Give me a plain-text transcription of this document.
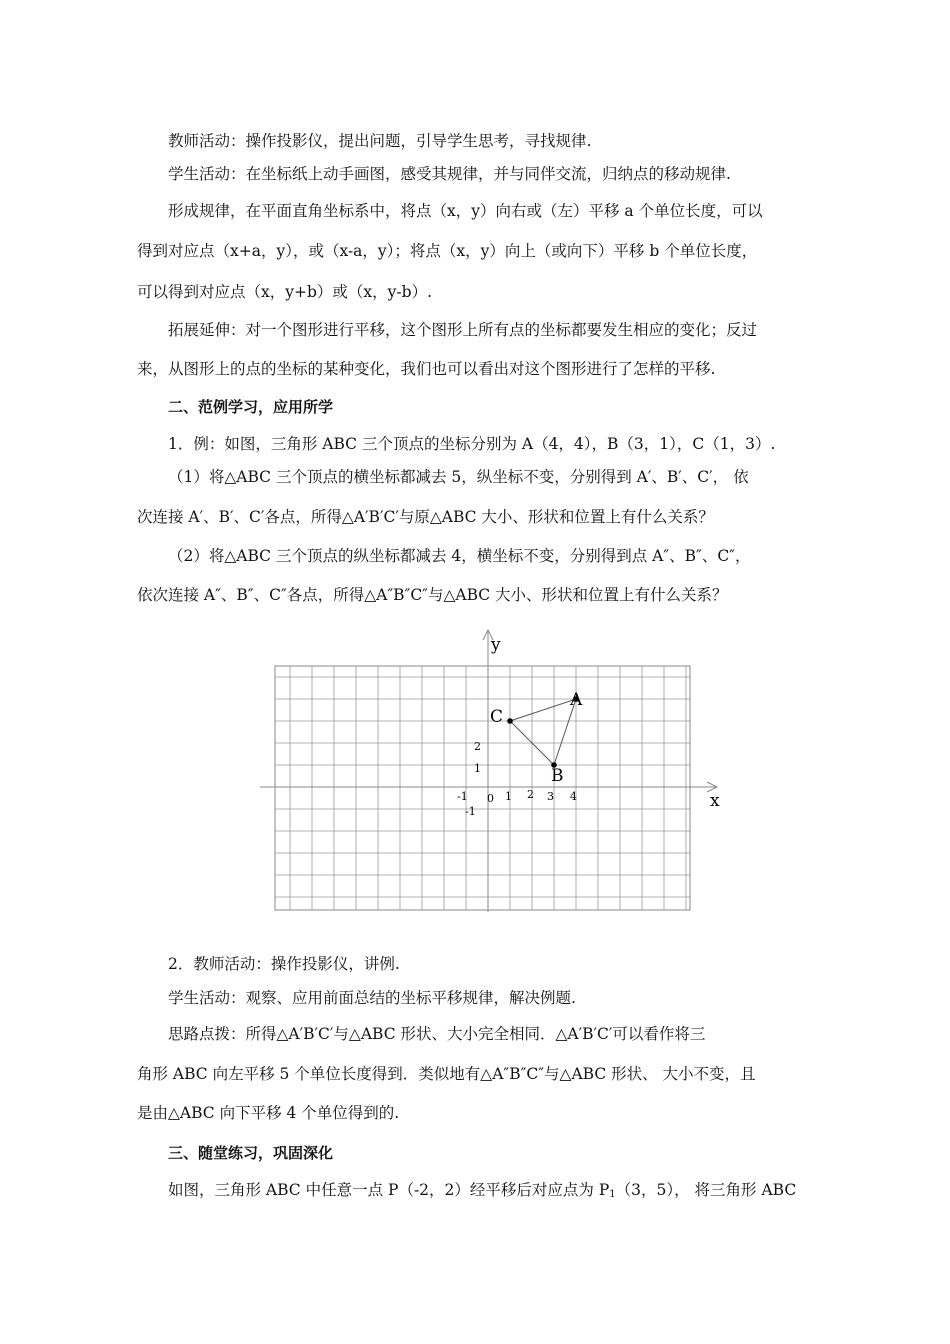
教师活动：操作投影仪，提出问题，引导学生思考，寻找规律.
学生活动：在坐标纸上动手画图，感受其规律，并与同伴交流，归纳点的移动规律.
形成规律，在平面直角坐标系中，将点（x，y）向右或（左）平移 a 个单位长度，可以
得到对应点（x+a，y），或（x-a，y）；将点（x，y）向上（或向下）平移 b 个单位长度，
可以得到对应点（x，y+b）或（x，y-b）.
拓展延伸：对一个图形进行平移，这个图形上所有点的坐标都要发生相应的变化；反过
来，从图形上的点的坐标的某种变化，我们也可以看出对这个图形进行了怎样的平移.
二、范例学习，应用所学
1．例：如图，三角形 ABC 三个顶点的坐标分别为 A（4，4），B（3，1），C（1，3）.
（1）将△ABC 三个顶点的横坐标都减去 5，纵坐标不变，分别得到 A′、B′、C′， 依
次连接 A′、B′、C′各点，所得△A′B′C′与原△ABC 大小、形状和位置上有什么关系？
（2）将△ABC 三个顶点的纵坐标都减去 4，横坐标不变，分别得到点 A″、B″、C″，
依次连接 A″、B″、C″各点，所得△A″B″C″与△ABC 大小、形状和位置上有什么关系？
x
y
A
B
C
-1 0 1 2 3 4
1
2
-1
2．教师活动：操作投影仪，讲例.
学生活动：观察、应用前面总结的坐标平移规律，解决例题.
思路点拨：所得△A′B′C′与△ABC 形状、大小完全相同．△A′B′C′可以看作将三
角形 ABC 向左平移 5 个单位长度得到．类似地有△A″B″C″与△ABC 形状、 大小不变，且
是由△ABC 向下平移 4 个单位得到的.
三、随堂练习，巩固深化
如图，三角形 ABC 中任意一点 P（-2，2）经平移后对应点为 $P_1(3$，5）， 将三角形 ABC
